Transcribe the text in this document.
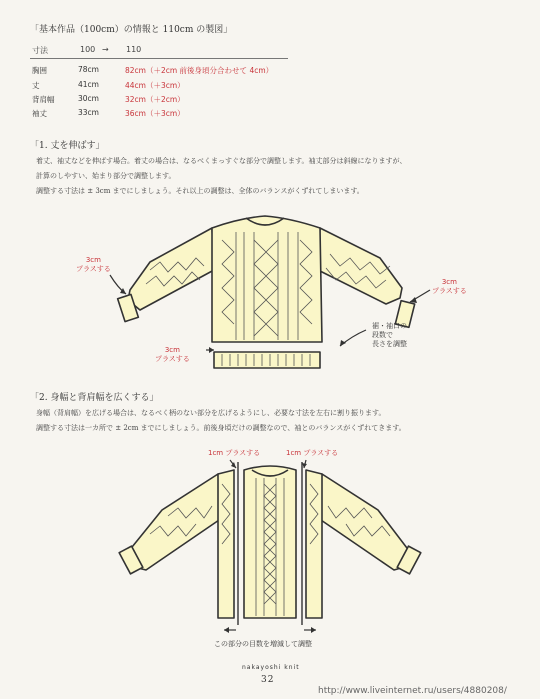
「基本作品（100cm）の情報と 110cm の製図」
寸法	100 → 110
胸囲	78cm	82cm（＋2cm 前後身頃分合わせて 4cm）
丈	41cm	44cm（＋3cm）
背肩幅	30cm	32cm（＋2cm）
袖丈	33cm	36cm（＋3cm）
「1. 丈を伸ばす」
着丈、袖丈などを伸ばす場合。着丈の場合は、なるべくまっすぐな部分で調整します。袖丈部分は斜線になりますが、
計算のしやすい、始まり部分で調整します。
調整する寸法は ± 3cm までにしましょう。それ以上の調整は、全体のバランスがくずれてしまいます。
3cm
プラスする
3cm
プラスする
3cm
プラスする
裾・袖口の
段数で
長さを調整
「2. 身幅と背肩幅を広くする」
身幅（背肩幅）を広げる場合は、なるべく柄のない部分を広げるようにし、必要な寸法を左右に割り振ります。
調整する寸法は一カ所で ± 2cm までにしましょう。前後身頃だけの調整なので、袖とのバランスがくずれてきます。
1cm プラスする	1cm プラスする
この部分の目数を増減して調整
nakayoshi knit
32
http://www.liveinternet.ru/users/4880208/
